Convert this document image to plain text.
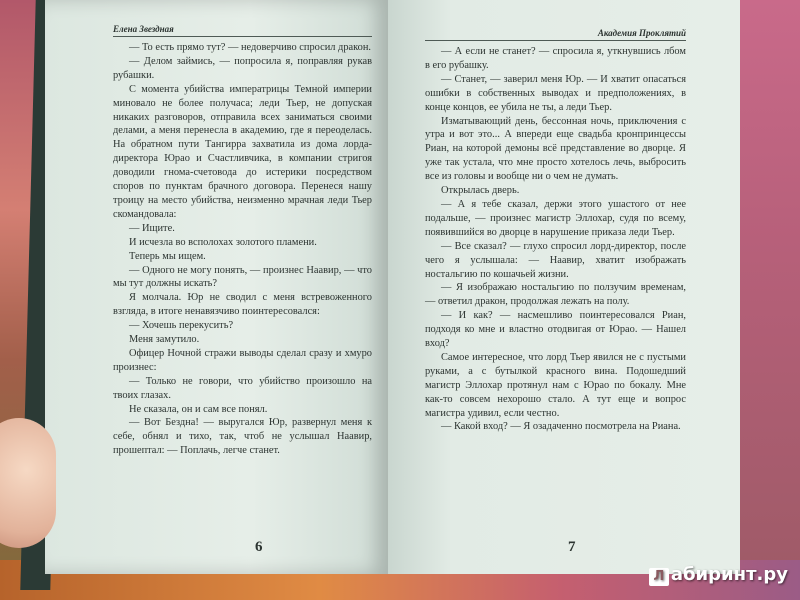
Елена Звездная

— То есть прямо тут? — недоверчиво спросил дракон.

— Делом займись, — попросила я, поправляя рукав рубашки.

С момента убийства императрицы Темной империи миновало не более получаса; леди Тьер, не допуская никаких разговоров, отправила всех заниматься своими делами, а меня перенесла в академию, где я переоделась. На обратном пути Тангирра захватила из дома лорда-директора Юрао и Счастливчика, в компании стригоя доводили гнома-счетовода до истерики посредством споров по пунктам брачного договора. Перенеся нашу троицу на место убийства, неизменно мрачная леди Тьер скомандовала:

— Ищите.

И исчезла во всполохах золотого пламени.

Теперь мы ищем.

— Одного не могу понять, — произнес Наавир, — что мы тут должны искать?

Я молчала. Юр не сводил с меня встревоженного взгляда, в итоге ненавязчиво поинтересовался:

— Хочешь перекусить?

Меня замутило.

Офицер Ночной стражи выводы сделал сразу и хмуро произнес:

— Только не говори, что убийство произошло на твоих глазах.

Не сказала, он и сам все понял.

— Вот Бездна! — выругался Юр, развернул меня к себе, обнял и тихо, так, чтоб не услышал Наавир, прошептал: — Поплачь, легче станет.

6
Академия Проклятий

— А если не станет? — спросила я, уткнувшись лбом в его рубашку.

— Станет, — заверил меня Юр. — И хватит опасаться ошибки в собственных выводах и предположениях, в конце концов, ее убила не ты, а леди Тьер.

Изматывающий день, бессонная ночь, приключения с утра и вот это... А впереди еще свадьба кронпринцессы Риан, на которой демоны всё представление во дворце. Я уже так устала, что мне просто хотелось лечь, выбросить все из головы и вообще ни о чем не думать.

Открылась дверь.

— А я тебе сказал, держи этого ушастого от нее подальше, — произнес магистр Эллохар, судя по всему, появившийся во дворце в нарушение приказа леди Тьер.

— Все сказал? — глухо спросил лорд-директор, после чего я услышала: — Наавир, хватит изображать ностальгию по кошачьей жизни.

— Я изображаю ностальгию по ползучим временам, — ответил дракон, продолжая лежать на полу.

— И как? — насмешливо поинтересовался Риан, подходя ко мне и властно отодвигая от Юрао. — Нашел вход?

Самое интересное, что лорд Тьер явился не с пустыми руками, а с бутылкой красного вина. Подошедший магистр Эллохар протянул нам с Юрао по бокалу. Мне как-то совсем нехорошо стало. А тут еще и вопрос магистра удивил, если честно.

— Какой вход? — Я озадаченно посмотрела на Риана.

7
Л абиринт.ру
